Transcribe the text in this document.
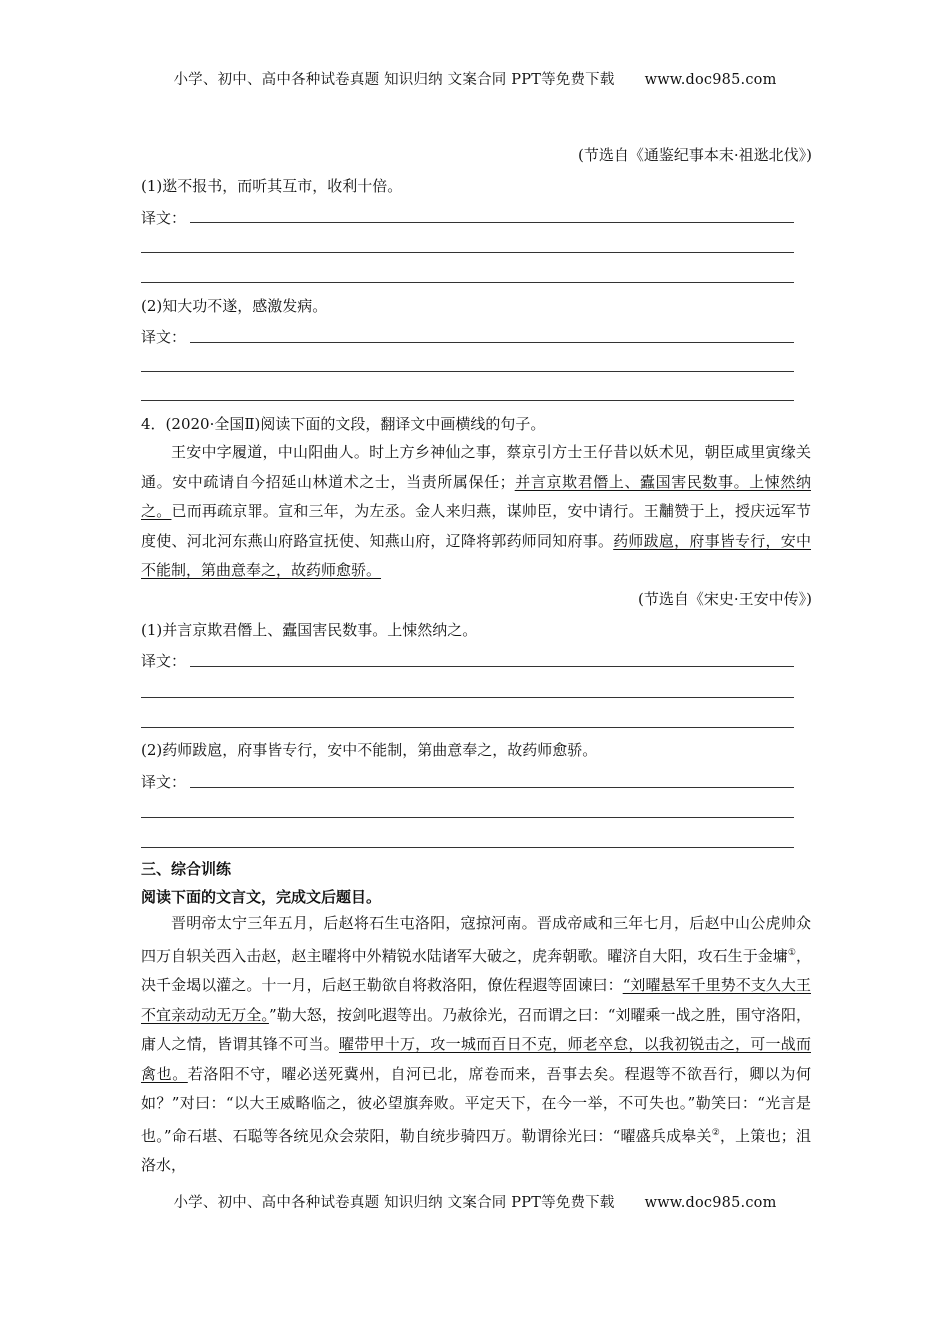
小学、初中、高中各种试卷真题 知识归纳 文案合同 PPT等免费下载 www.doc985.com
(节选自《通鉴纪事本末·祖逖北伐》)
(1)逖不报书，而听其互市，收利十倍。
译文：
(2)知大功不遂，感激发病。
译文：
4．(2020·全国Ⅱ)阅读下面的文段，翻译文中画横线的句子。
王安中字履道，中山阳曲人。时上方乡神仙之事，蔡京引方士王仔昔以妖术见，朝臣咸里寅缘关通。安中疏请自今招延山林道术之士，当责所属保任；并言京欺君僭上、蠹国害民数事。上悚然纳之。已而再疏京罪。宣和三年，为左丞。金人来归燕，谋帅臣，安中请行。王黼赞于上，授庆远军节度使、河北河东燕山府路宣抚使、知燕山府，辽降将郭药师同知府事。药师跋扈，府事皆专行，安中不能制，第曲意奉之，故药师愈骄。
(节选自《宋史·王安中传》)
(1)并言京欺君僭上、蠹国害民数事。上悚然纳之。
译文：
(2)药师跋扈，府事皆专行，安中不能制，第曲意奉之，故药师愈骄。
译文：
三、综合训练
阅读下面的文言文，完成文后题目。
晋明帝太宁三年五月，后赵将石生屯洛阳，寇掠河南。晋成帝咸和三年七月，后赵中山公虎帅众四万自轵关西入击赵，赵主曜将中外精锐水陆诸军大破之，虎奔朝歌。曜济自大阳，攻石生于金墉①，决千金堨以灌之。十一月，后赵王勒欲自将救洛阳，僚佐程遐等固谏曰：“刘曜悬军千里势不支久大王不宜亲动动无万全。”勒大怒，按剑叱遐等出。乃赦徐光，召而谓之曰：“刘曜乘一战之胜，围守洛阳，庸人之情，皆谓其锋不可当。曜带甲十万，攻一城而百日不克，师老卒怠，以我初锐击之，可一战而禽也。若洛阳不守，曜必送死冀州，自河已北，席卷而来，吾事去矣。程遐等不欲吾行，卿以为何如？”对曰：“以大王威略临之，彼必望旗奔败。平定天下，在今一举，不可失也。”勒笑曰：“光言是也。”命石堪、石聪等各统见众会荥阳，勒自统步骑四万。勒谓徐光曰：“曜盛兵成皋关②，上策也；沮洛水，
小学、初中、高中各种试卷真题 知识归纳 文案合同 PPT等免费下载 www.doc985.com
